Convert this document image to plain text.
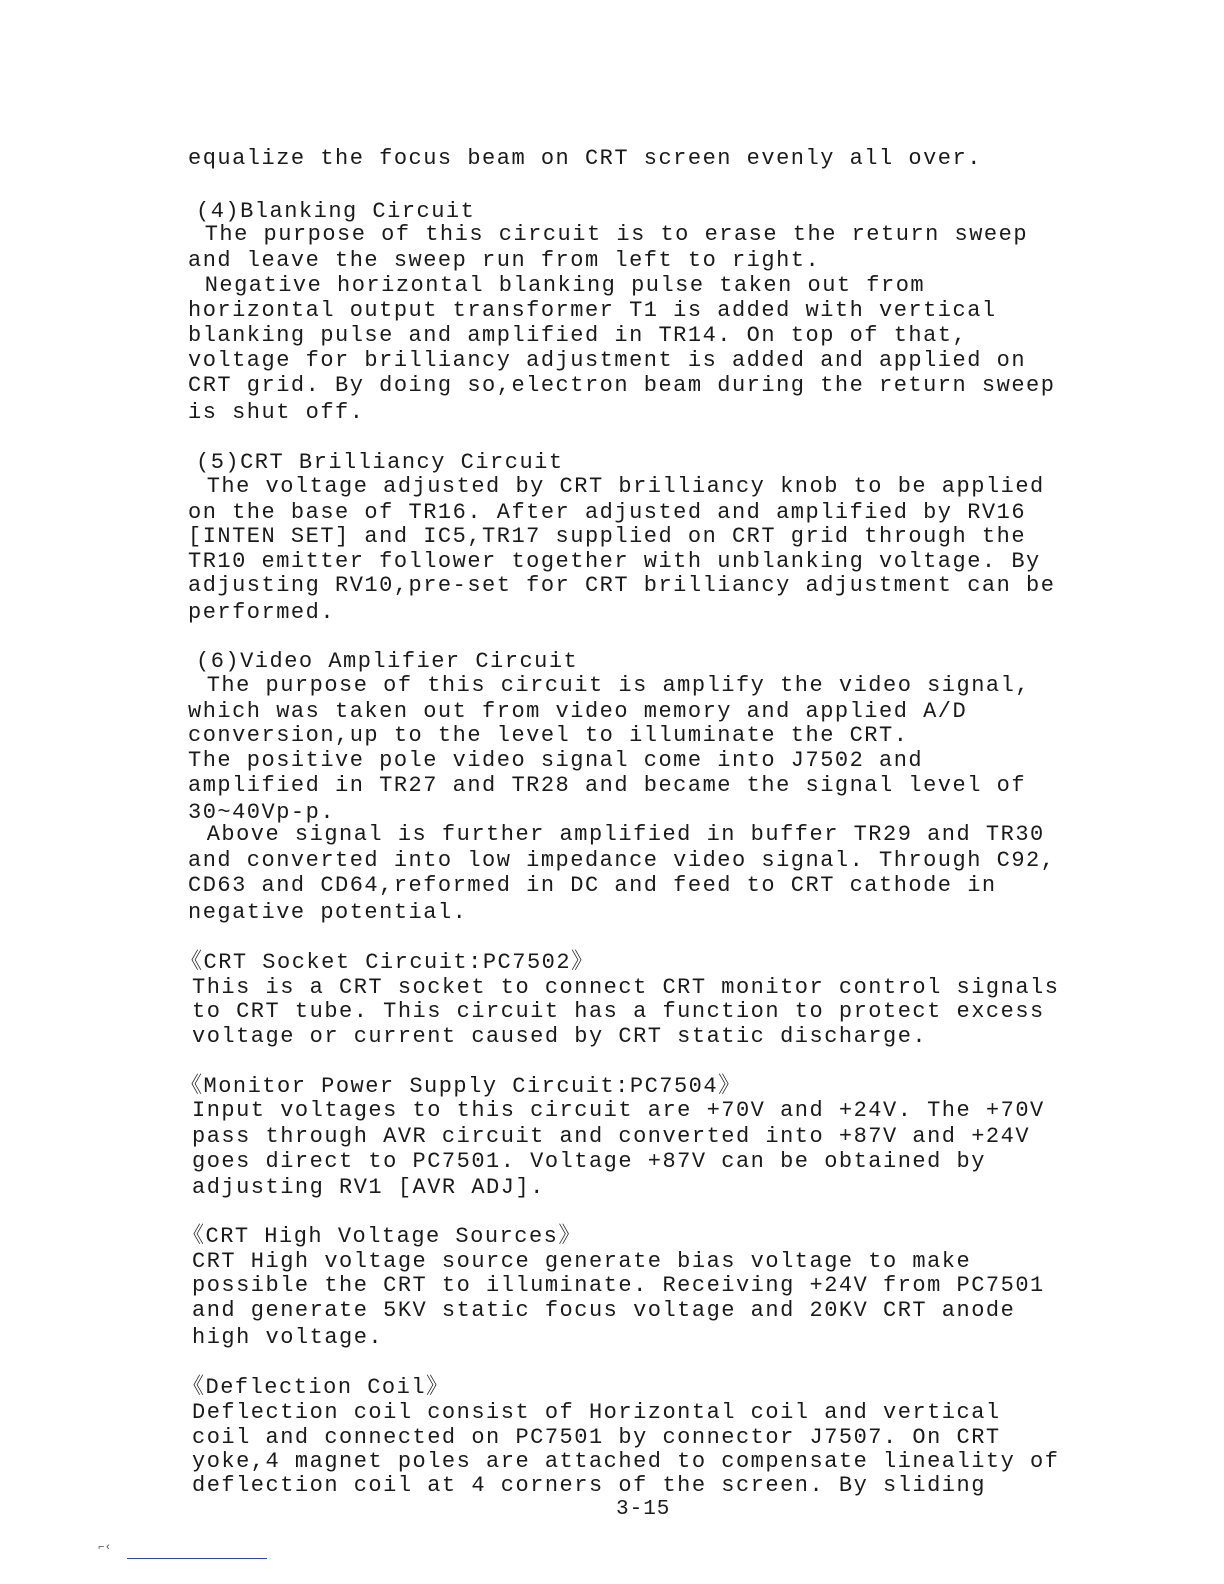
equalize the focus beam on CRT screen evenly all over.
(4)Blanking Circuit
The purpose of this circuit is to erase the return sweep
and leave the sweep run from left to right.
Negative horizontal blanking pulse taken out from
horizontal output transformer T1 is added with vertical
blanking pulse and amplified in TR14. On top of that,
voltage for brilliancy adjustment is added and applied on
CRT grid. By doing so,electron beam during the return sweep
is shut off.
(5)CRT Brilliancy Circuit
The voltage adjusted by CRT brilliancy knob to be applied
on the base of TR16. After adjusted and amplified by RV16
[INTEN SET] and IC5,TR17 supplied on CRT grid through the
TR10 emitter follower together with unblanking voltage. By
adjusting RV10,pre-set for CRT brilliancy adjustment can be
performed.
(6)Video Amplifier Circuit
The purpose of this circuit is amplify the video signal,
which was taken out from video memory and applied A/D
conversion,up to the level to illuminate the CRT.
The positive pole video signal come into J7502 and
amplified in TR27 and TR28 and became the signal level of
30~40Vp-p.
Above signal is further amplified in buffer TR29 and TR30
and converted into low impedance video signal. Through C92,
CD63 and CD64,reformed in DC and feed to CRT cathode in
negative potential.
《CRT Socket Circuit:PC7502》
This is a CRT socket to connect CRT monitor control signals
to CRT tube. This circuit has a function to protect excess
voltage or current caused by CRT static discharge.
《Monitor Power Supply Circuit:PC7504》
Input voltages to this circuit are +70V and +24V. The +70V
pass through AVR circuit and converted into +87V and +24V
goes direct to PC7501. Voltage +87V can be obtained by
adjusting RV1 [AVR ADJ].
《CRT High Voltage Sources》
CRT High voltage source generate bias voltage to make
possible the CRT to illuminate. Receiving +24V from PC7501
and generate 5KV static focus voltage and 20KV CRT anode
high voltage.
《Deflection Coil》
Deflection coil consist of Horizontal coil and vertical
coil and connected on PC7501 by connector J7507. On CRT
yoke,4 magnet poles are attached to compensate lineality of
deflection coil at 4 corners of the screen. By sliding
3-15
⌐‹
